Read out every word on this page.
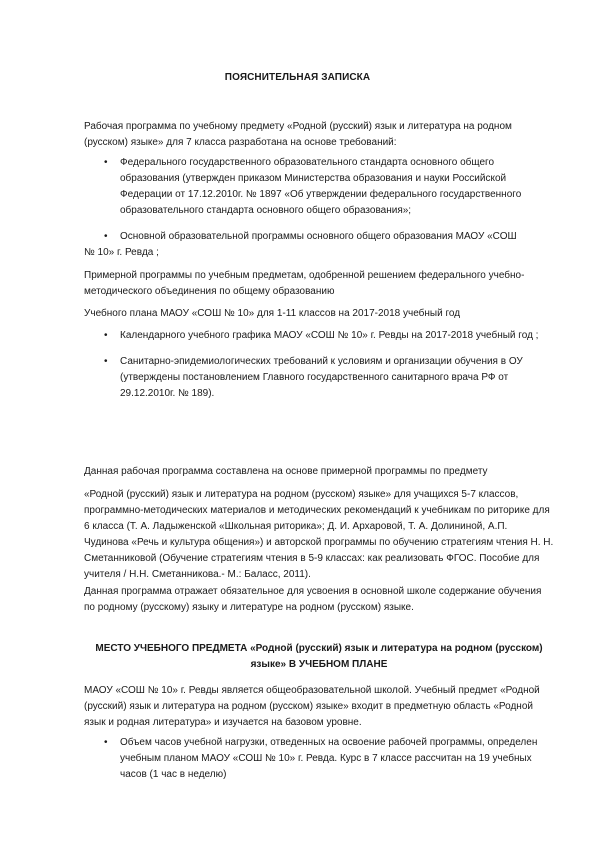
ПОЯСНИТЕЛЬНАЯ ЗАПИСКА

Рабочая программа по учебному предмету «Родной (русский) язык и литература на родном (русском) языке» для 7 класса разработана на основе требований:

• Федерального государственного образовательного стандарта основного общего образования (утвержден приказом Министерства образования и науки Российской Федерации от 17.12.2010г. № 1897 «Об утверждении федерального государственного образовательного стандарта основного общего образования»;
• Основной образовательной программы основного общего образования МАОУ «СОШ

№ 10» г. Ревда ;

Примерной программы по учебным предметам, одобренной решением федерального учебно-методического объединения по общему образованию

Учебного плана МАОУ «СОШ № 10» для 1-11 классов на 2017-2018 учебный год

• Календарного учебного графика МАОУ «СОШ № 10» г. Ревды на 2017-2018 учебный год ;
• Санитарно-эпидемиологических требований к условиям и организации обучения в ОУ (утверждены постановлением Главного государственного санитарного врача РФ от 29.12.2010г. № 189).

Данная рабочая программа составлена на основе примерной программы по предмету

«Родной (русский) язык и литература на родном (русском) языке» для учащихся 5-7 классов, программно-методических материалов и методических рекомендаций к учебникам по риторике для 6 класса (Т. А. Ладыженской «Школьная риторика»; Д. И. Архаровой, Т. А. Долининой, А.П. Чудинова «Речь и культура общения») и авторской программы по обучению стратегиям чтения Н. Н. Сметанниковой (Обучение стратегиям чтения в 5-9 классах: как реализовать ФГОС. Пособие для учителя / Н.Н. Сметанникова.- М.: Баласс, 2011).

Данная программа отражает обязательное для усвоения в основной школе содержание обучения по родному (русскому) языку и литературе на родном (русском) языке.

МЕСТО УЧЕБНОГО ПРЕДМЕТА «Родной (русский) язык и литература на родном (русском) языке» В УЧЕБНОМ ПЛАНЕ

МАОУ «СОШ № 10» г. Ревды является общеобразовательной школой. Учебный предмет «Родной (русский) язык и литература на родном (русском) языке» входит в предметную область «Родной язык и родная литература» и изучается на базовом уровне.

• Объем часов учебной нагрузки, отведенных на освоение рабочей программы, определен учебным планом МАОУ «СОШ № 10» г. Ревда. Курс в 7 классе рассчитан на 19 учебных часов (1 час в неделю)
